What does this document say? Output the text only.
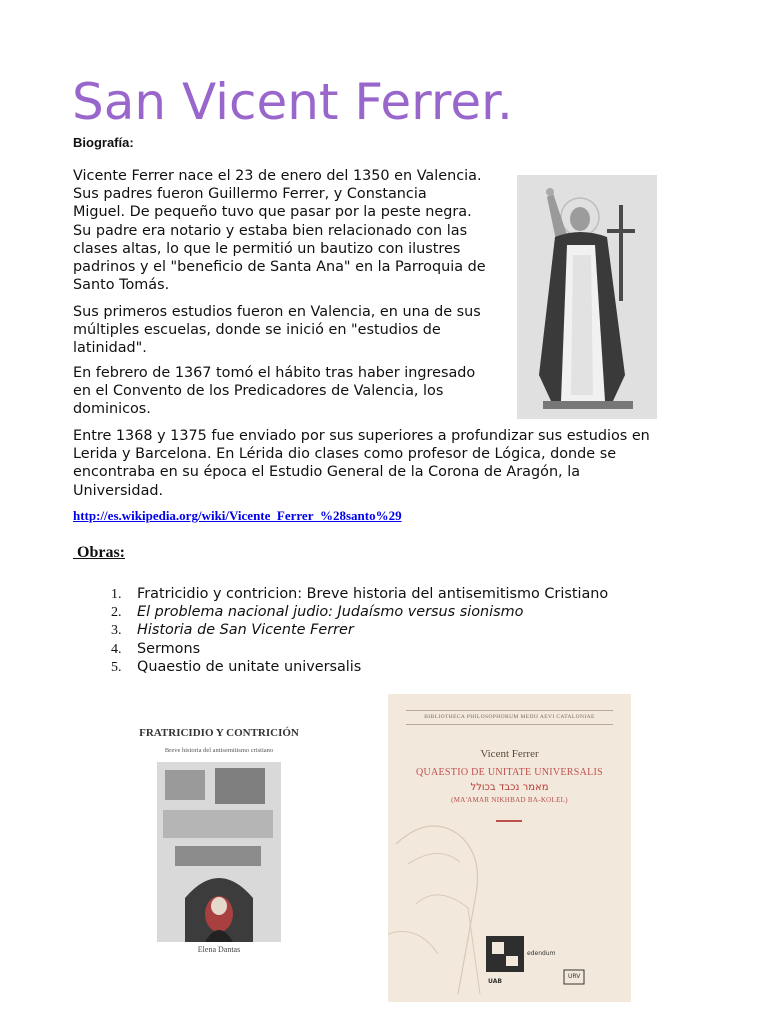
San Vicent Ferrer.
Biografía:
Vicente Ferrer nace el 23 de enero del 1350 en Valencia.
Sus padres fueron Guillermo Ferrer, y Constancia
Miguel. De pequeño tuvo que pasar por la peste negra.
Su padre era notario y estaba bien relacionado con las
clases altas, lo que le permitió un bautizo con ilustres
padrinos y el "beneficio de Santa Ana" en la Parroquia de
Santo Tomás.
Sus primeros estudios fueron en Valencia, en una de sus
múltiples escuelas, donde se inició en "estudios de
latinidad".
En febrero de 1367 tomó el hábito tras haber ingresado
en el Convento de los Predicadores de Valencia, los
dominicos.
Entre 1368 y 1375 fue enviado por sus superiores a profundizar sus estudios en
Lerida y Barcelona. En Lérida dio clases como profesor de Lógica, donde se
encontraba en su época el Estudio General de la Corona de Aragón, la
Universidad.
http://es.wikipedia.org/wiki/Vicente_Ferrer_%28santo%29
Obras:
1. Fratricidio y contricion: Breve historia del antisemitismo Cristiano
2. El problema nacional judio: Judaísmo versus sionismo
3. Historia de San Vicente Ferrer
4. Sermons
5. Quaestio de unitate universalis
FRATRICIDIO Y CONTRICIÓN
Breve historia del antisemitismo cristiano
Elena Dantas
BIBLIOTHECA PHILOSOPHORUM MEDII AEVI CATALONIAE
Vicent Ferrer
QUAESTIO DE UNITATE UNIVERSALIS
מאמר נכבד בכולל
(MA'AMAR NIKHBAD BA-KOLEL)
edendum
UAB
URV
